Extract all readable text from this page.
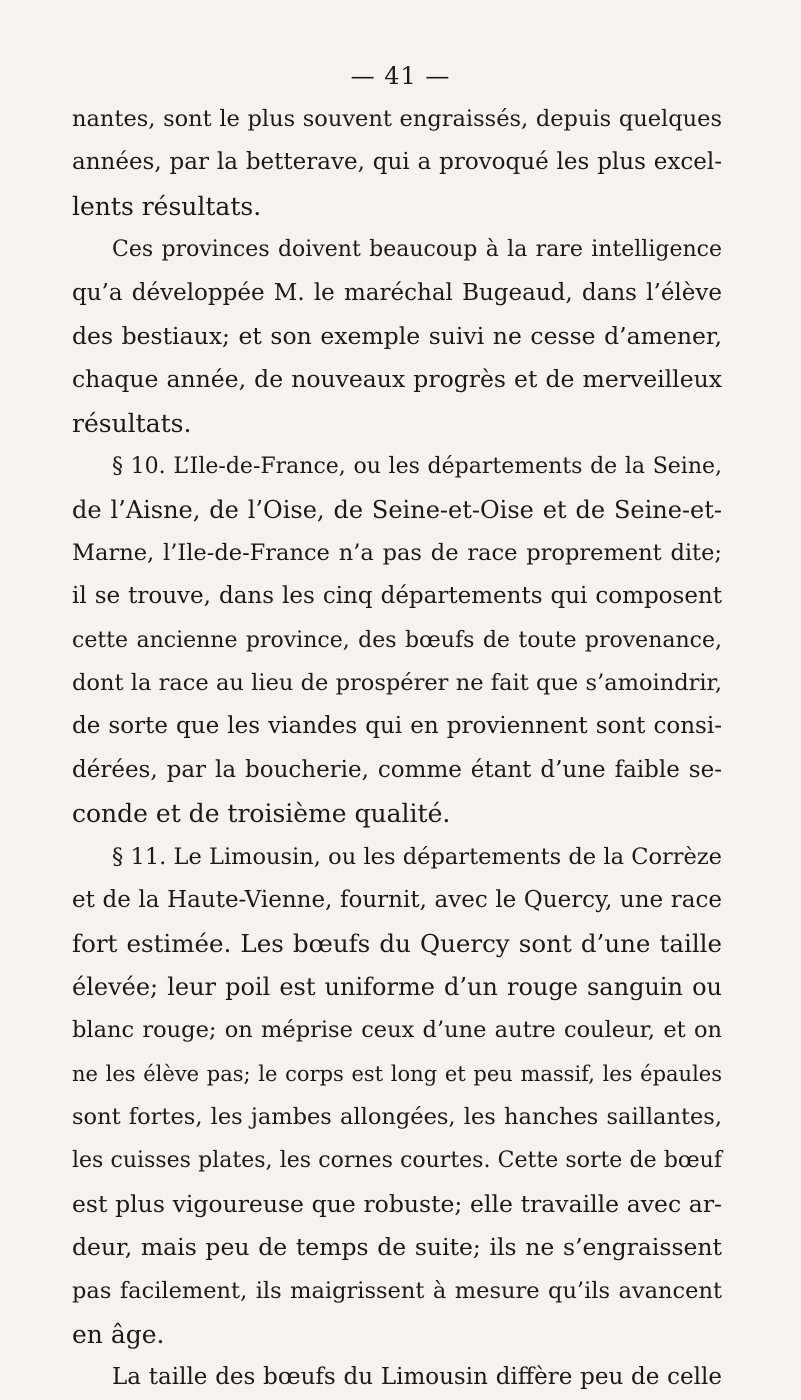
— 41 —
nantes, sont le plus souvent engraissés, depuis quelques
années, par la betterave, qui a provoqué les plus excel-
lents résultats.
Ces provinces doivent beaucoup à la rare intelligence
qu’a développée M. le maréchal Bugeaud, dans l’élève
des bestiaux; et son exemple suivi ne cesse d’amener,
chaque année, de nouveaux progrès et de merveilleux
résultats.
§ 10. L’Ile-de-France, ou les départements de la Seine,
de l’Aisne, de l’Oise, de Seine-et-Oise et de Seine-et-
Marne, l’Ile-de-France n’a pas de race proprement dite;
il se trouve, dans les cinq départements qui composent
cette ancienne province, des bœufs de toute provenance,
dont la race au lieu de prospérer ne fait que s’amoindrir,
de sorte que les viandes qui en proviennent sont consi-
dérées, par la boucherie, comme étant d’une faible se-
conde et de troisième qualité.
§ 11. Le Limousin, ou les départements de la Corrèze
et de la Haute-Vienne, fournit, avec le Quercy, une race
fort estimée. Les bœufs du Quercy sont d’une taille
élevée; leur poil est uniforme d’un rouge sanguin ou
blanc rouge; on méprise ceux d’une autre couleur, et on
ne les élève pas; le corps est long et peu massif, les épaules
sont fortes, les jambes allongées, les hanches saillantes,
les cuisses plates, les cornes courtes. Cette sorte de bœuf
est plus vigoureuse que robuste; elle travaille avec ar-
deur, mais peu de temps de suite; ils ne s’engraissent
pas facilement, ils maigrissent à mesure qu’ils avancent
en âge.
La taille des bœufs du Limousin diffère peu de celle
